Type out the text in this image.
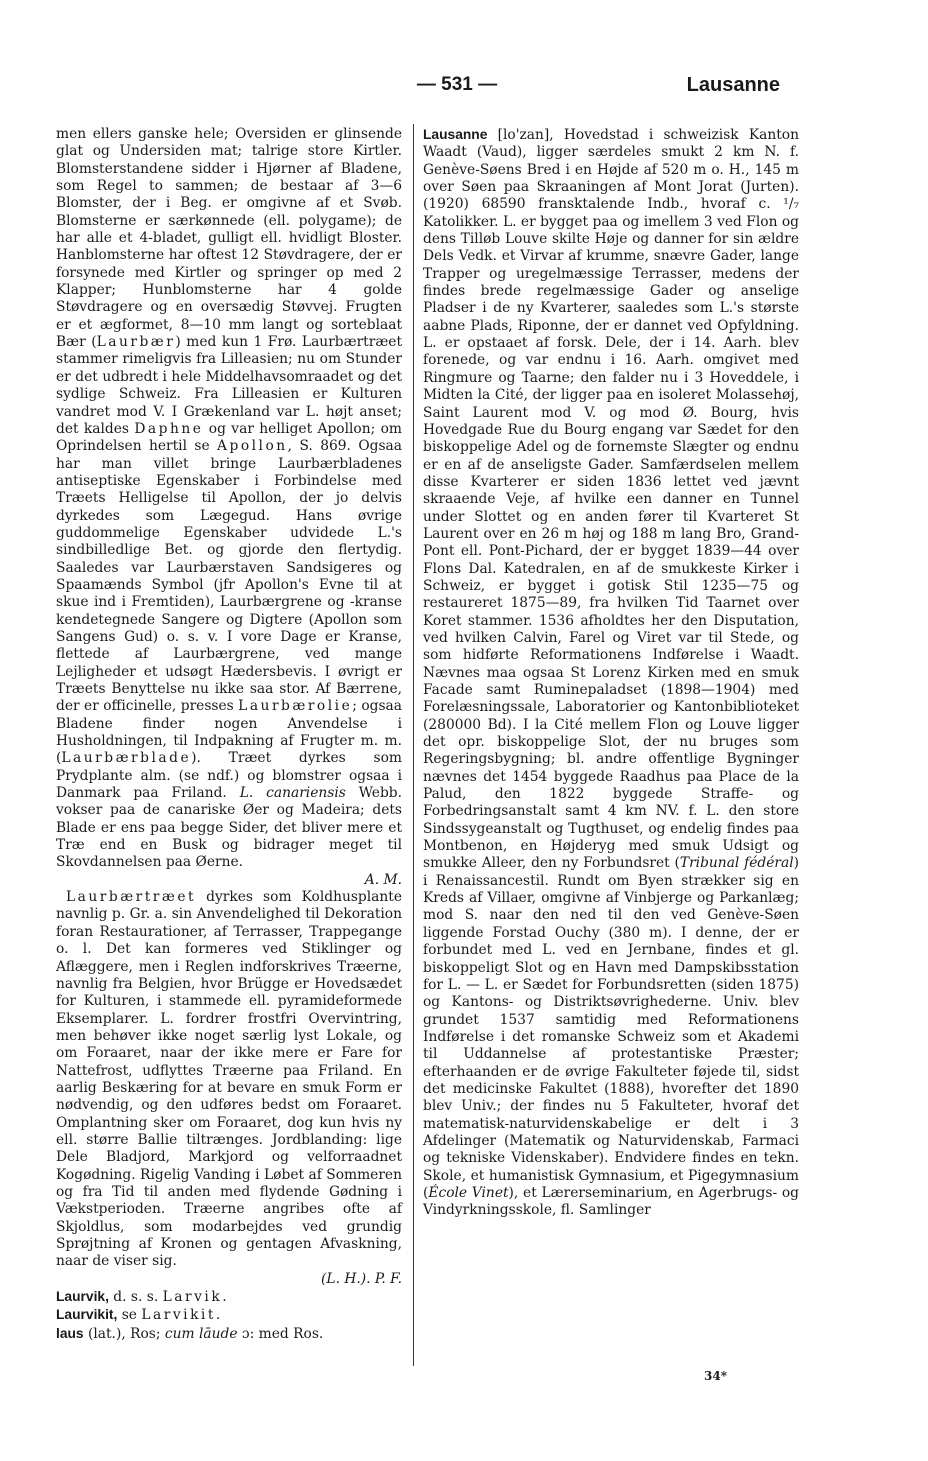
— 531 —	Lausanne

men ellers ganske hele; Oversiden er glinsende glat og Undersiden mat; talrige store Kirtler. Blomsterstandene sidder i Hjørner af Bladene, som Regel to sammen; de bestaar af 3—6 Blomster, der i Beg. er omgivne af et Svøb. Blomsterne er særkønnede (ell. polygame); de har alle et 4-bladet, gulligt ell. hvidligt Bloster. Hanblomsterne har oftest 12 Støvdragere, der er forsynede med Kirtler og springer op med 2 Klapper; Hunblomsterne har 4 golde Støvdragere og en oversædig Støvvej. Frugten er et ægformet, 8—10 mm langt og sorteblaat Bær (Laurbær) med kun 1 Frø. Laurbærtræet stammer rimeligvis fra Lilleasien; nu om Stunder er det udbredt i hele Middelhavsomraadet og det sydlige Schweiz. Fra Lilleasien er Kulturen vandret mod V. I Grækenland var L. højt anset; det kaldes Daphne og var helliget Apollon; om Oprindelsen hertil se Apollon, S. 869. Ogsaa har man villet bringe Laurbærbladenes antiseptiske Egenskaber i Forbindelse med Træets Helligelse til Apollon, der jo delvis dyrkedes som Lægegud. Hans øvrige guddommelige Egenskaber udvidede L.'s sindbilledlige Bet. og gjorde den flertydig. Saaledes var Laurbærstaven Sandsigeres og Spaamænds Symbol (jfr Apollon's Evne til at skue ind i Fremtiden), Laurbærgrene og -kranse kendetegnede Sangere og Digtere (Apollon som Sangens Gud) o. s. v. I vore Dage er Kranse, flettede af Laurbærgrene, ved mange Lejligheder et udsøgt Hædersbevis. I øvrigt er Træets Benyttelse nu ikke saa stor. Af Bærrene, der er officinelle, presses Laurbærolie; ogsaa Bladene finder nogen Anvendelse i Husholdningen, til Indpakning af Frugter m. m. (Laurbærblade). Træet dyrkes som Prydplante alm. (se ndf.) og blomstrer ogsaa i Danmark paa Friland. L. canariensis Webb. vokser paa de canariske Øer og Madeira; dets Blade er ens paa begge Sider, det bliver mere et Træ end en Busk og bidrager meget til Skovdannelsen paa Øerne.

A. M.

Laurbærtræet dyrkes som Koldhusplante navnlig p. Gr. a. sin Anvendelighed til Dekoration foran Restaurationer, af Terrasser, Trappegange o. l. Det kan formeres ved Stiklinger og Aflæggere, men i Reglen indforskrives Træerne, navnlig fra Belgien, hvor Brügge er Hovedsædet for Kulturen, i stammede ell. pyramideformede Eksemplarer. L. fordrer frostfri Overvintring, men behøver ikke noget særlig lyst Lokale, og om Foraaret, naar der ikke mere er Fare for Nattefrost, udflyttes Træerne paa Friland. En aarlig Beskæring for at bevare en smuk Form er nødvendig, og den udføres bedst om Foraaret. Omplantning sker om Foraaret, dog kun hvis ny ell. større Ballie tiltrænges. Jordblanding: lige Dele Bladjord, Markjord og velforraadnet Kogødning. Rigelig Vanding i Løbet af Sommeren og fra Tid til anden med flydende Gødning i Vækstperioden. Træerne angribes ofte af Skjoldlus, som modarbejdes ved grundig Sprøjtning af Kronen og gentagen Afvaskning, naar de viser sig.

(L. H.). P. F.

Laurvik, d. s. s. Larvik.

Laurvikit, se Larvikit.

laus (lat.), Ros; cum lāude ɔ: med Ros.

Lausanne [lo'zan], Hovedstad i schweizisk Kanton Waadt (Vaud), ligger særdeles smukt 2 km N. f. Genève-Søens Bred i en Højde af 520 m o. H., 145 m over Søen paa Skraaningen af Mont Jorat (Jurten). (1920) 68590 fransktalende Indb., hvoraf c. ¹/₇ Katolikker. L. er bygget paa og imellem 3 ved Flon og dens Tilløb Louve skilte Højе og danner for sin ældre Dels Vedk. et Virvar af krumme, snævre Gader, lange Trapper og uregelmæssige Terrasser, medens der findes brede regelmæssige Gader og anselige Pladser i de ny Kvarterer, saaledes som L.'s største aabne Plads, Riponne, der er dannet ved Opfyldning. L. er opstaaet af forsk. Dele, der i 14. Aarh. blev forenede, og var endnu i 16. Aarh. omgivet med Ringmure og Taarne; den falder nu i 3 Hoveddele, i Midten la Cité, der ligger paa en isoleret Molassehøj, Saint Laurent mod V. og mod Ø. Bourg, hvis Hovedgade Rue du Bourg engang var Sædet for den biskoppelige Adel og de fornemste Slægter og endnu er en af de anseligste Gader. Samfærdselen mellem disse Kvarterer er siden 1836 lettet ved jævnt skraaende Veje, af hvilke een danner en Tunnel under Slottet og en anden fører til Kvarteret St Laurent over en 26 m høj og 188 m lang Bro, Grand-Pont ell. Pont-Pichard, der er bygget 1839—44 over Flons Dal. Katedralen, en af de smukkeste Kirker i Schweiz, er bygget i gotisk Stil 1235—75 og restaureret 1875—89, fra hvilken Tid Taarnet over Koret stammer. 1536 afholdtes her den Disputation, ved hvilken Calvin, Farel og Viret var til Stede, og som hidførte Reformationens Indførelse i Waadt. Nævnes maa ogsaa St Lorenz Kirken med en smuk Facade samt Ruminepaladset (1898—1904) med Forelæsningssale, Laboratorier og Kantonbiblioteket (280000 Bd). I la Cité mellem Flon og Louve ligger det opr. biskoppelige Slot, der nu bruges som Regeringsbygning; bl. andre offentlige Bygninger nævnes det 1454 byggede Raadhus paa Place de la Palud, den 1822 byggede Straffe- og Forbedringsanstalt samt 4 km NV. f. L. den store Sindssygeanstalt og Tugthuset, og endelig findes paa Montbenon, en Højderyg med smuk Udsigt og smukke Alleer, den ny Forbundsret (Tribunal fédéral) i Renaissancestil. Rundt om Byen strækker sig en Kreds af Villaer, omgivne af Vinbjerge og Parkanlæg; mod S. naar den ned til den ved Genève-Søen liggende Forstad Ouchy (380 m). I denne, der er forbundet med L. ved en Jernbane, findes et gl. biskoppeligt Slot og en Havn med Dampskibsstation for L. — L. er Sædet for Forbundsretten (siden 1875) og Kantons- og Distriktsøvrighederne. Univ. blev grundet 1537 samtidig med Reformationens Indførelse i det romanske Schweiz som et Akademi til Uddannelse af protestantiske Præster; efterhaanden er de øvrige Fakulteter føjede til, sidst det medicinske Fakultet (1888), hvorefter det 1890 blev Univ.; der findes nu 5 Fakulteter, hvoraf det matematisk-naturvidenskabelige er delt i 3 Afdelinger (Matematik og Naturvidenskab, Farmaci og tekniske Videnskaber). Endvidere findes en tekn. Skole, et humanistisk Gymnasium, et Pigegymnasium (École Vinet), et Lærerseminarium, en Agerbrugs- og Vindyrkningsskole, fl. Samlinger

34*
